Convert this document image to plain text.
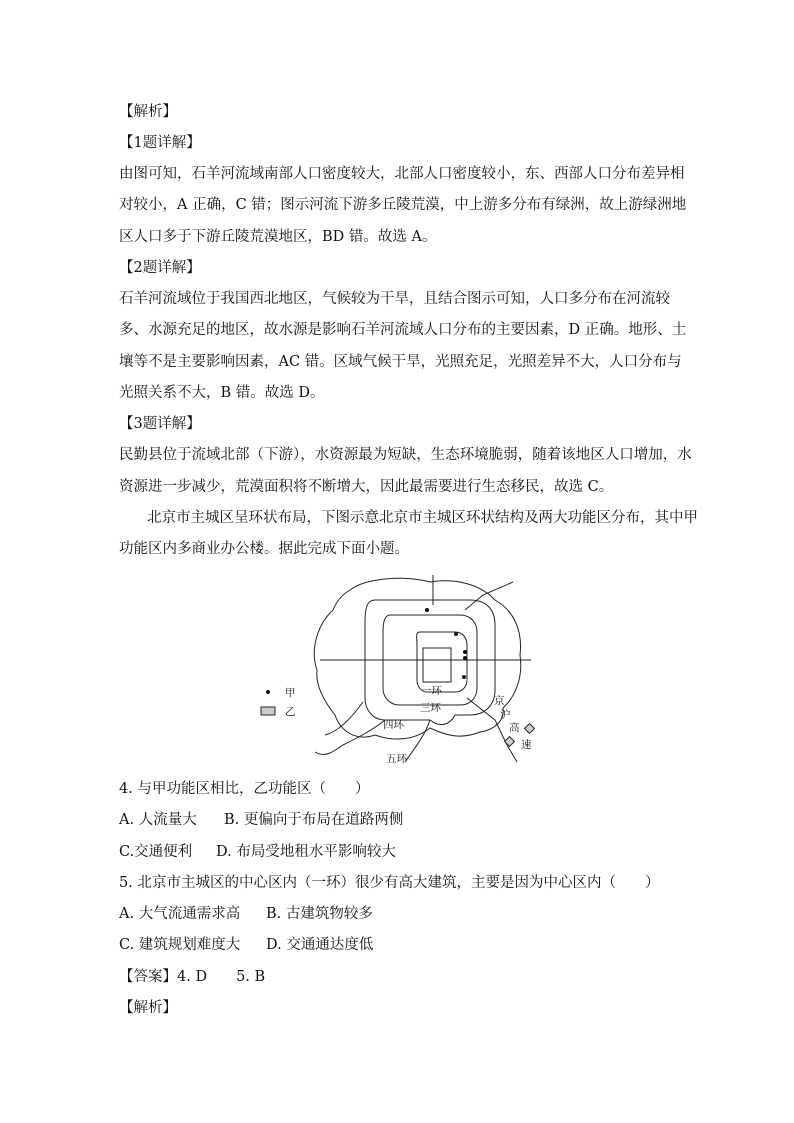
【解析】
【1题详解】
由图可知，石羊河流域南部人口密度较大，北部人口密度较小，东、西部人口分布差异相
对较小，A 正确，C 错；图示河流下游多丘陵荒漠，中上游多分布有绿洲，故上游绿洲地
区人口多于下游丘陵荒漠地区，BD 错。故选 A。
【2题详解】
石羊河流域位于我国西北地区，气候较为干旱，且结合图示可知，人口多分布在河流较
多、水源充足的地区，故水源是影响石羊河流域人口分布的主要因素，D 正确。地形、土
壤等不是主要影响因素，AC 错。区域气候干旱，光照充足，光照差异不大，人口分布与
光照关系不大，B 错。故选 D。
【3题详解】
民勤县位于流域北部（下游），水资源最为短缺，生态环境脆弱，随着该地区人口增加，水
资源进一步减少，荒漠面积将不断增大，因此最需要进行生态移民，故选 C。
北京市主城区呈环状布局，下图示意北京市主城区环状结构及两大功能区分布，其中甲
功能区内多商业办公楼。据此完成下面小题。
甲
乙
一环
三环
四环
五环
京
沪
高
速
4. 与甲功能区相比，乙功能区（　　）
A. 人流量大 B. 更偏向于布局在道路两侧
C.交通便利 D. 布局受地租水平影响较大
5. 北京市主城区的中心区内（一环）很少有高大建筑，主要是因为中心区内（　　）
A. 大气流通需求高 B. 古建筑物较多
C. 建筑规划难度大 D. 交通通达度低
【答案】4. D　　5. B
【解析】
